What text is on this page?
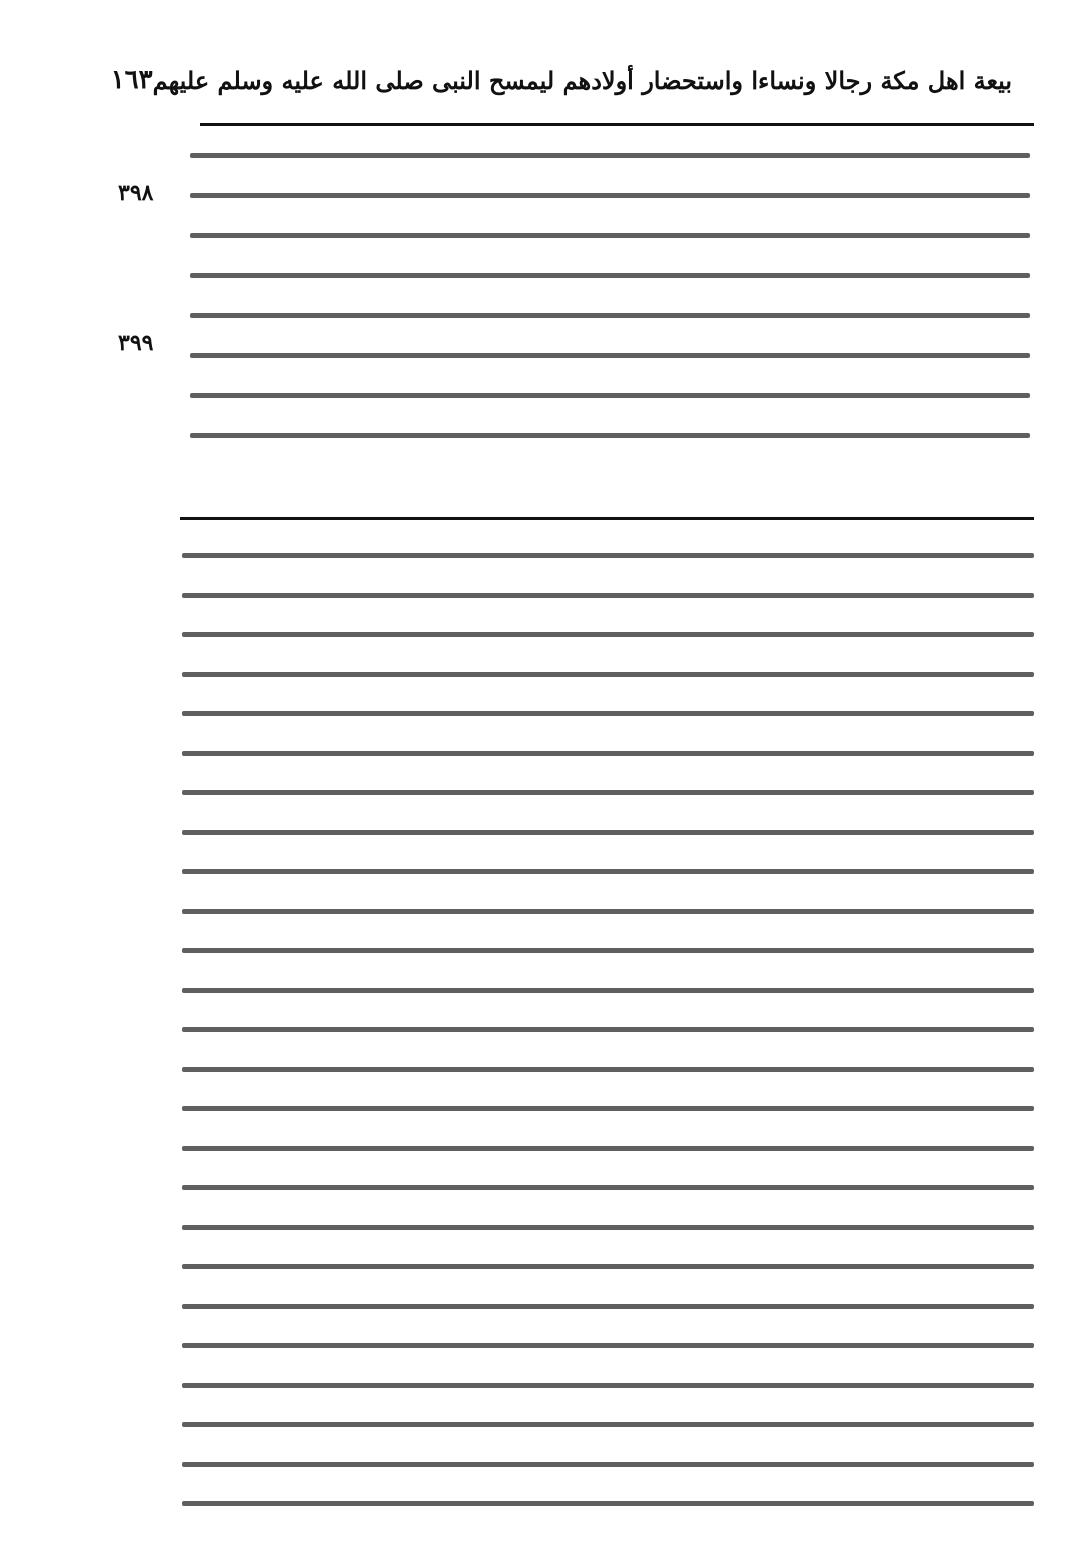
بيعة اهل مكة رجالا ونساءا واستحضار أولادهم ليمسح النبى صلى الله عليه وسلم عليهم
١٦٣
٣٩٨
٣٩٩
